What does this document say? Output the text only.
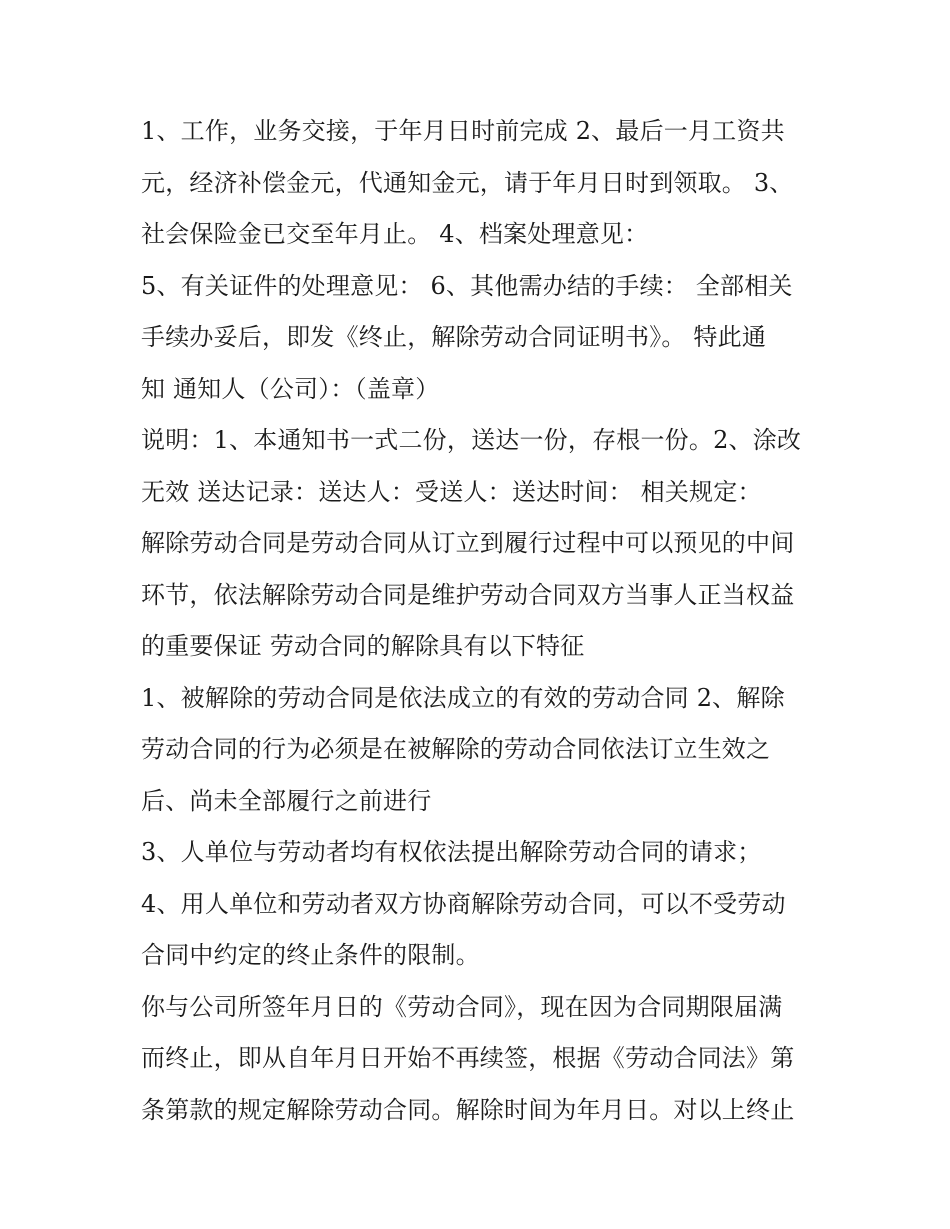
1、工作，业务交接，于年月日时前完成 2、最后一月工资共
元，经济补偿金元，代通知金元，请于年月日时到领取。 3、
社会保险金已交至年月止。 4、档案处理意见：
5、有关证件的处理意见： 6、其他需办结的手续： 全部相关
手续办妥后，即发《终止，解除劳动合同证明书》。 特此通
知 通知人（公司）：（盖章）
说明：1、本通知书一式二份，送达一份，存根一份。2、涂改
无效 送达记录：送达人：受送人：送达时间： 相关规定：
解除劳动合同是劳动合同从订立到履行过程中可以预见的中间
环节，依法解除劳动合同是维护劳动合同双方当事人正当权益
的重要保证 劳动合同的解除具有以下特征
1、被解除的劳动合同是依法成立的有效的劳动合同 2、解除
劳动合同的行为必须是在被解除的劳动合同依法订立生效之
后、尚未全部履行之前进行
3、人单位与劳动者均有权依法提出解除劳动合同的请求；
4、用人单位和劳动者双方协商解除劳动合同，可以不受劳动
合同中约定的终止条件的限制。
你与公司所签年月日的《劳动合同》，现在因为合同期限届满
而终止，即从自年月日开始不再续签，根据《劳动合同法》第
条第款的规定解除劳动合同。解除时间为年月日。对以上终止
